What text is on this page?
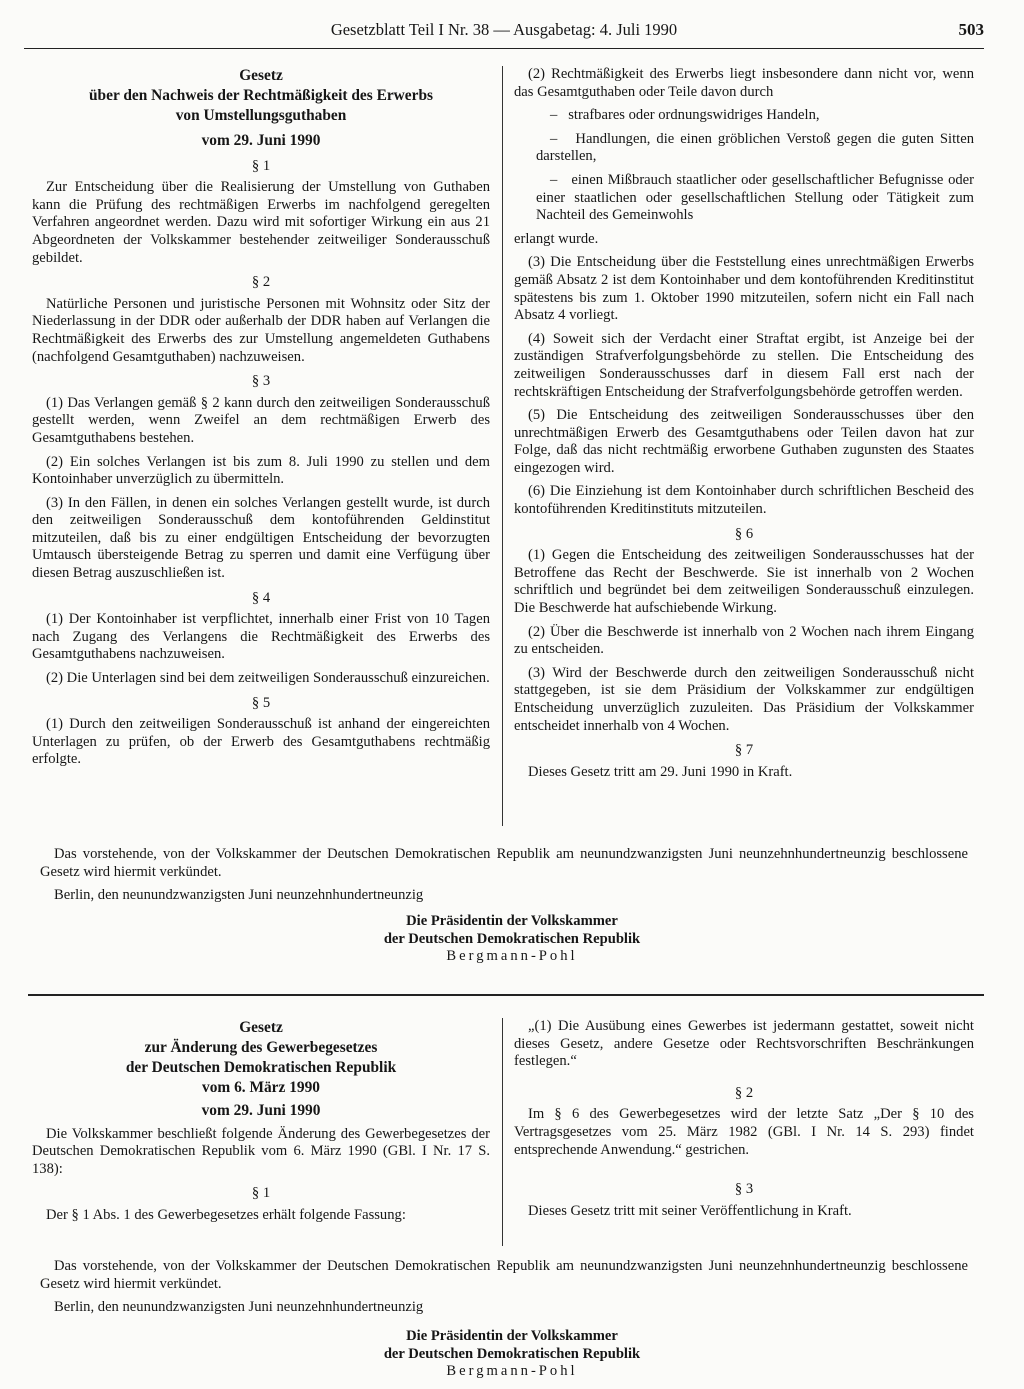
Gesetzblatt Teil I Nr. 38 — Ausgabetag: 4. Juli 1990	503
Gesetz
über den Nachweis der Rechtmäßigkeit des Erwerbs
von Umstellungsguthaben
vom 29. Juni 1990
§ 1

Zur Entscheidung über die Realisierung der Umstellung von Guthaben kann die Prüfung des rechtmäßigen Erwerbs im nachfolgend geregelten Verfahren angeordnet werden. Dazu wird mit sofortiger Wirkung ein aus 21 Abgeordneten der Volkskammer bestehender zeitweiliger Sonderausschuß gebildet.

§ 2

Natürliche Personen und juristische Personen mit Wohnsitz oder Sitz der Niederlassung in der DDR oder außerhalb der DDR haben auf Verlangen die Rechtmäßigkeit des Erwerbs des zur Umstellung angemeldeten Guthabens (nachfolgend Gesamtguthaben) nachzuweisen.

§ 3

(1) Das Verlangen gemäß § 2 kann durch den zeitweiligen Sonderausschuß gestellt werden, wenn Zweifel an dem rechtmäßigen Erwerb des Gesamtguthabens bestehen.

(2) Ein solches Verlangen ist bis zum 8. Juli 1990 zu stellen und dem Kontoinhaber unverzüglich zu übermitteln.

(3) In den Fällen, in denen ein solches Verlangen gestellt wurde, ist durch den zeitweiligen Sonderausschuß dem kontoführenden Geldinstitut mitzuteilen, daß bis zu einer endgültigen Entscheidung der bevorzugten Umtausch übersteigende Betrag zu sperren und damit eine Verfügung über diesen Betrag auszuschließen ist.

§ 4

(1) Der Kontoinhaber ist verpflichtet, innerhalb einer Frist von 10 Tagen nach Zugang des Verlangens die Rechtmäßigkeit des Erwerbs des Gesamtguthabens nachzuweisen.

(2) Die Unterlagen sind bei dem zeitweiligen Sonderausschuß einzureichen.

§ 5

(1) Durch den zeitweiligen Sonderausschuß ist anhand der eingereichten Unterlagen zu prüfen, ob der Erwerb des Gesamtguthabens rechtmäßig erfolgte.

(2) Rechtmäßigkeit des Erwerbs liegt insbesondere dann nicht vor, wenn das Gesamtguthaben oder Teile davon durch

–   strafbares oder ordnungswidriges Handeln,

–   Handlungen, die einen gröblichen Verstoß gegen die guten Sitten darstellen,

–   einen Mißbrauch staatlicher oder gesellschaftlicher Befugnisse oder einer staatlichen oder gesellschaftlichen Stellung oder Tätigkeit zum Nachteil des Gemeinwohls

erlangt wurde.

(3) Die Entscheidung über die Feststellung eines unrechtmäßigen Erwerbs gemäß Absatz 2 ist dem Kontoinhaber und dem kontoführenden Kreditinstitut spätestens bis zum 1. Oktober 1990 mitzuteilen, sofern nicht ein Fall nach Absatz 4 vorliegt.

(4) Soweit sich der Verdacht einer Straftat ergibt, ist Anzeige bei der zuständigen Strafverfolgungsbehörde zu stellen. Die Entscheidung des zeitweiligen Sonderausschusses darf in diesem Fall erst nach der rechtskräftigen Entscheidung der Strafverfolgungsbehörde getroffen werden.

(5) Die Entscheidung des zeitweiligen Sonderausschusses über den unrechtmäßigen Erwerb des Gesamtguthabens oder Teilen davon hat zur Folge, daß das nicht rechtmäßig erworbene Guthaben zugunsten des Staates eingezogen wird.

(6) Die Einziehung ist dem Kontoinhaber durch schriftlichen Bescheid des kontoführenden Kreditinstituts mitzuteilen.

§ 6

(1) Gegen die Entscheidung des zeitweiligen Sonderausschusses hat der Betroffene das Recht der Beschwerde. Sie ist innerhalb von 2 Wochen schriftlich und begründet bei dem zeitweiligen Sonderausschuß einzulegen. Die Beschwerde hat aufschiebende Wirkung.

(2) Über die Beschwerde ist innerhalb von 2 Wochen nach ihrem Eingang zu entscheiden.

(3) Wird der Beschwerde durch den zeitweiligen Sonderausschuß nicht stattgegeben, ist sie dem Präsidium der Volkskammer zur endgültigen Entscheidung unverzüglich zuzuleiten. Das Präsidium der Volkskammer entscheidet innerhalb von 4 Wochen.

§ 7

Dieses Gesetz tritt am 29. Juni 1990 in Kraft.

Das vorstehende, von der Volkskammer der Deutschen Demokratischen Republik am neunundzwanzigsten Juni neunzehnhundertneunzig beschlossene Gesetz wird hiermit verkündet.

Berlin, den neunundzwanzigsten Juni neunzehnhundertneunzig

Die Präsidentin der Volkskammer
der Deutschen Demokratischen Republik
Bergmann-Pohl
Gesetz
zur Änderung des Gewerbegesetzes
der Deutschen Demokratischen Republik
vom 6. März 1990
vom 29. Juni 1990

Die Volkskammer beschließt folgende Änderung des Gewerbegesetzes der Deutschen Demokratischen Republik vom 6. März 1990 (GBl. I Nr. 17 S. 138):

§ 1

Der § 1 Abs. 1 des Gewerbegesetzes erhält folgende Fassung:

„(1) Die Ausübung eines Gewerbes ist jedermann gestattet, soweit nicht dieses Gesetz, andere Gesetze oder Rechtsvorschriften Beschränkungen festlegen.“

§ 2

Im § 6 des Gewerbegesetzes wird der letzte Satz „Der § 10 des Vertragsgesetzes vom 25. März 1982 (GBl. I Nr. 14 S. 293) findet entsprechende Anwendung.“ gestrichen.

§ 3

Dieses Gesetz tritt mit seiner Veröffentlichung in Kraft.

Das vorstehende, von der Volkskammer der Deutschen Demokratischen Republik am neunundzwanzigsten Juni neunzehnhundertneunzig beschlossene Gesetz wird hiermit verkündet.

Berlin, den neunundzwanzigsten Juni neunzehnhundertneunzig

Die Präsidentin der Volkskammer
der Deutschen Demokratischen Republik
Bergmann-Pohl
